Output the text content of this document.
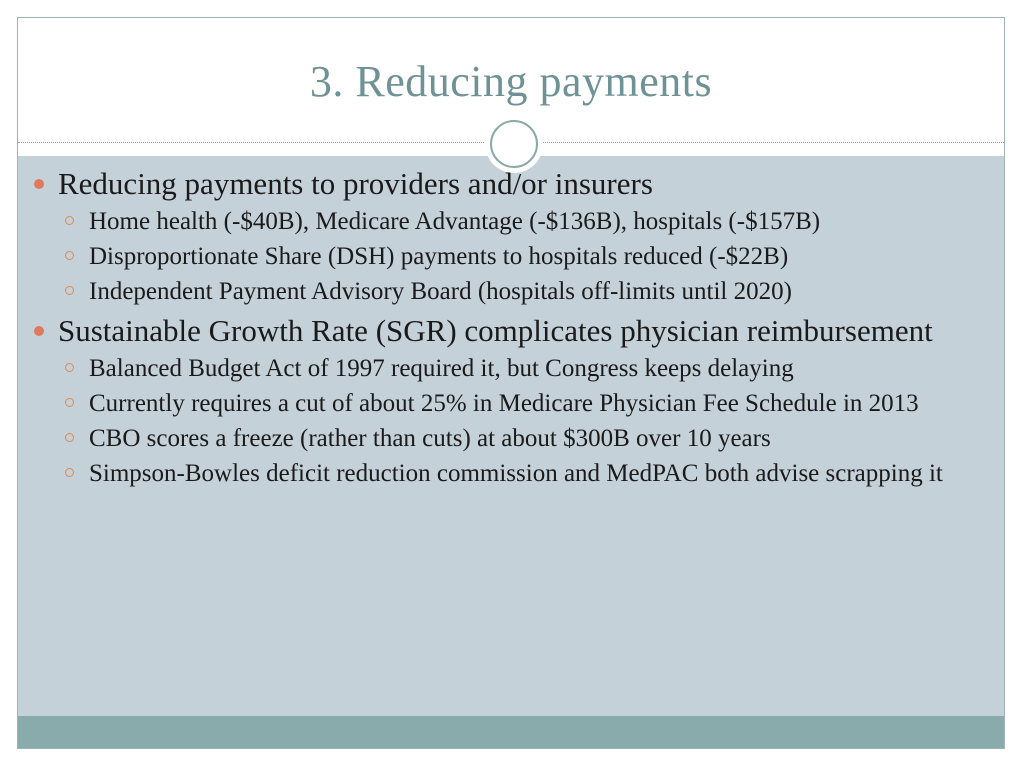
3. Reducing payments
Reducing payments to providers and/or insurers
Home health (-$40B), Medicare Advantage (-$136B), hospitals (-$157B)
Disproportionate Share (DSH) payments to hospitals reduced (-$22B)
Independent Payment Advisory Board (hospitals off-limits until 2020)
Sustainable Growth Rate (SGR) complicates physician reimbursement
Balanced Budget Act of 1997 required it, but Congress keeps delaying
Currently requires a cut of about 25% in Medicare Physician Fee Schedule in 2013
CBO scores a freeze (rather than cuts) at about $300B over 10 years
Simpson-Bowles deficit reduction commission and MedPAC both advise scrapping it
